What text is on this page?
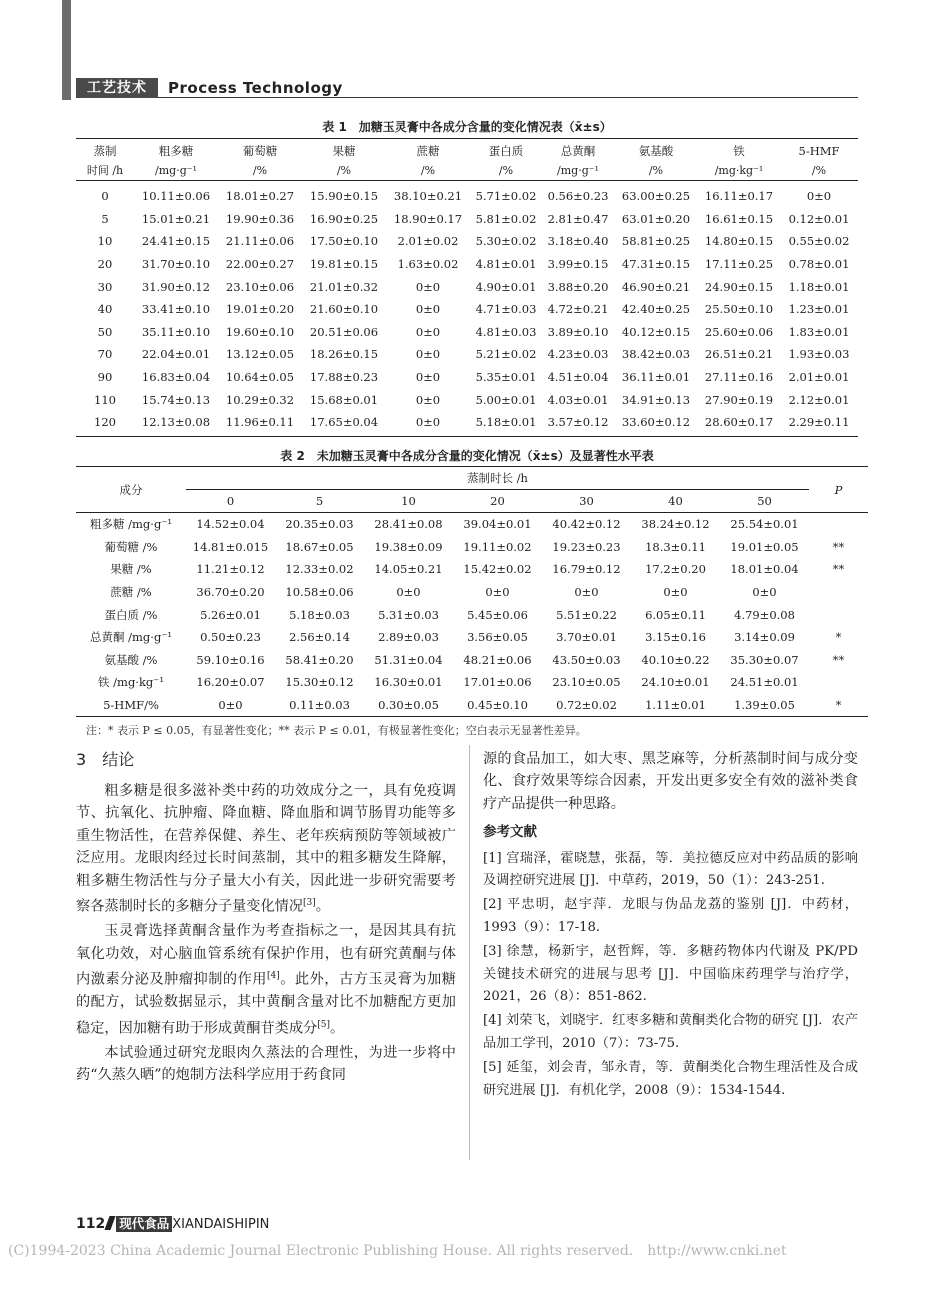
工艺技术	Process Technology
表 1　加糖玉灵膏中各成分含量的变化情况表（x̄±s）
蒸制	粗多糖	葡萄糖	果糖	蔗糖	蛋白质	总黄酮	氨基酸	铁	5-HMF
时间 /h	/mg·g⁻¹	/%	/%	/%	/%	/mg·g⁻¹	/%	/mg·kg⁻¹	/%
0	10.11±0.06	18.01±0.27	15.90±0.15	38.10±0.21	5.71±0.02	0.56±0.23	63.00±0.25	16.11±0.17	0±0
5	15.01±0.21	19.90±0.36	16.90±0.25	18.90±0.17	5.81±0.02	2.81±0.47	63.01±0.20	16.61±0.15	0.12±0.01
10	24.41±0.15	21.11±0.06	17.50±0.10	2.01±0.02	5.30±0.02	3.18±0.40	58.81±0.25	14.80±0.15	0.55±0.02
20	31.70±0.10	22.00±0.27	19.81±0.15	1.63±0.02	4.81±0.01	3.99±0.15	47.31±0.15	17.11±0.25	0.78±0.01
30	31.90±0.12	23.10±0.06	21.01±0.32	0±0	4.90±0.01	3.88±0.20	46.90±0.21	24.90±0.15	1.18±0.01
40	33.41±0.10	19.01±0.20	21.60±0.10	0±0	4.71±0.03	4.72±0.21	42.40±0.25	25.50±0.10	1.23±0.01
50	35.11±0.10	19.60±0.10	20.51±0.06	0±0	4.81±0.03	3.89±0.10	40.12±0.15	25.60±0.06	1.83±0.01
70	22.04±0.01	13.12±0.05	18.26±0.15	0±0	5.21±0.02	4.23±0.03	38.42±0.03	26.51±0.21	1.93±0.03
90	16.83±0.04	10.64±0.05	17.88±0.23	0±0	5.35±0.01	4.51±0.04	36.11±0.01	27.11±0.16	2.01±0.01
110	15.74±0.13	10.29±0.32	15.68±0.01	0±0	5.00±0.01	4.03±0.01	34.91±0.13	27.90±0.19	2.12±0.01
120	12.13±0.08	11.96±0.11	17.65±0.04	0±0	5.18±0.01	3.57±0.12	33.60±0.12	28.60±0.17	2.29±0.11
表 2　未加糖玉灵膏中各成分含量的变化情况（x̄±s）及显著性水平表
成分	蒸制时长 /h							P
	0	5	10	20	30	40	50	
粗多糖 /mg·g⁻¹	14.52±0.04	20.35±0.03	28.41±0.08	39.04±0.01	40.42±0.12	38.24±0.12	25.54±0.01	
葡萄糖 /%	14.81±0.015	18.67±0.05	19.38±0.09	19.11±0.02	19.23±0.23	18.3±0.11	19.01±0.05	**
果糖 /%	11.21±0.12	12.33±0.02	14.05±0.21	15.42±0.02	16.79±0.12	17.2±0.20	18.01±0.04	**
蔗糖 /%	36.70±0.20	10.58±0.06	0±0	0±0	0±0	0±0	0±0	
蛋白质 /%	5.26±0.01	5.18±0.03	5.31±0.03	5.45±0.06	5.51±0.22	6.05±0.11	4.79±0.08	
总黄酮 /mg·g⁻¹	0.50±0.23	2.56±0.14	2.89±0.03	3.56±0.05	3.70±0.01	3.15±0.16	3.14±0.09	*
氨基酸 /%	59.10±0.16	58.41±0.20	51.31±0.04	48.21±0.06	43.50±0.03	40.10±0.22	35.30±0.07	**
铁 /mg·kg⁻¹	16.20±0.07	15.30±0.12	16.30±0.01	17.01±0.06	23.10±0.05	24.10±0.01	24.51±0.01	
5-HMF/%	0±0	0.11±0.03	0.30±0.05	0.45±0.10	0.72±0.02	1.11±0.01	1.39±0.05	*
注：* 表示 P ≤ 0.05，有显著性变化；** 表示 P ≤ 0.01，有极显著性变化；空白表示无显著性差异。
3 结论

粗多糖是很多滋补类中药的功效成分之一，具有免疫调节、抗氧化、抗肿瘤、降血糖、降血脂和调节肠胃功能等多重生物活性，在营养保健、养生、老年疾病预防等领域被广泛应用。龙眼肉经过长时间蒸制，其中的粗多糖发生降解，粗多糖生物活性与分子量大小有关，因此进一步研究需要考察各蒸制时长的多糖分子量变化情况[3]。

玉灵膏选择黄酮含量作为考查指标之一，是因其具有抗氧化功效，对心脑血管系统有保护作用，也有研究黄酮与体内激素分泌及肿瘤抑制的作用[4]。此外，古方玉灵膏为加糖的配方，试验数据显示，其中黄酮含量对比不加糖配方更加稳定，因加糖有助于形成黄酮苷类成分[5]。

本试验通过研究龙眼肉久蒸法的合理性，为进一步将中药“久蒸久晒”的炮制方法科学应用于药食同

源的食品加工，如大枣、黑芝麻等，分析蒸制时间与成分变化、食疗效果等综合因素，开发出更多安全有效的滋补类食疗产品提供一种思路。

参考文献

[1] 宫瑞泽，霍晓慧，张磊，等．美拉德反应对中药品质的影响及调控研究进展 [J]．中草药，2019，50（1）：243-251.

[2] 平忠明，赵宇萍．龙眼与伪品龙荔的鉴别 [J]．中药材，1993（9）：17-18.

[3] 徐慧，杨新宇，赵哲辉，等．多糖药物体内代谢及 PK/PD 关键技术研究的进展与思考 [J]．中国临床药理学与治疗学，2021，26（8）：851-862.

[4] 刘荣飞，刘晓宇．红枣多糖和黄酮类化合物的研究 [J]．农产品加工学刊，2010（7）：73-75.

[5] 延玺，刘会青，邹永青，等．黄酮类化合物生理活性及合成研究进展 [J]．有机化学，2008（9）：1534-1544.

112 现代食品 XIANDAISHIPIN
(C)1994-2023 China Academic Journal Electronic Publishing House. All rights reserved.　http://www.cnki.net
